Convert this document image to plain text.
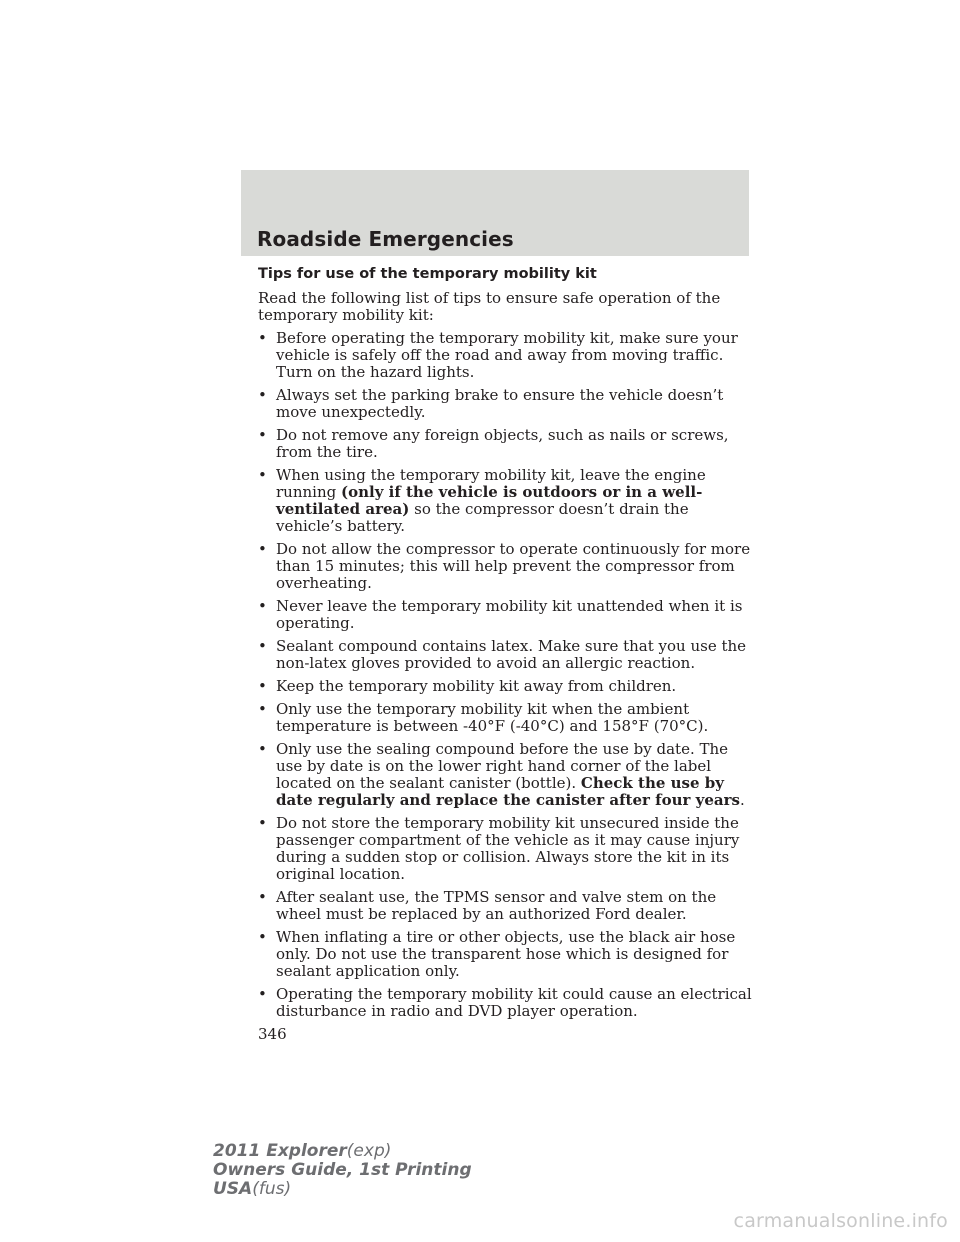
Roadside Emergencies
Tips for use of the temporary mobility kit

Read the following list of tips to ensure safe operation of the temporary mobility kit:

• Before operating the temporary mobility kit, make sure your vehicle is safely off the road and away from moving traffic. Turn on the hazard lights.
• Always set the parking brake to ensure the vehicle doesn’t move unexpectedly.
• Do not remove any foreign objects, such as nails or screws, from the tire.
• When using the temporary mobility kit, leave the engine running (only if the vehicle is outdoors or in a well-ventilated area) so the compressor doesn’t drain the vehicle’s battery.
• Do not allow the compressor to operate continuously for more than 15 minutes; this will help prevent the compressor from overheating.
• Never leave the temporary mobility kit unattended when it is operating.
• Sealant compound contains latex. Make sure that you use the non-latex gloves provided to avoid an allergic reaction.
• Keep the temporary mobility kit away from children.
• Only use the temporary mobility kit when the ambient temperature is between -40°F (-40°C) and 158°F (70°C).
• Only use the sealing compound before the use by date. The use by date is on the lower right hand corner of the label located on the sealant canister (bottle). Check the use by date regularly and replace the canister after four years.
• Do not store the temporary mobility kit unsecured inside the passenger compartment of the vehicle as it may cause injury during a sudden stop or collision. Always store the kit in its original location.
• After sealant use, the TPMS sensor and valve stem on the wheel must be replaced by an authorized Ford dealer.
• When inflating a tire or other objects, use the black air hose only. Do not use the transparent hose which is designed for sealant application only.
• Operating the temporary mobility kit could cause an electrical disturbance in radio and DVD player operation.
346
2011 Explorer(exp)
Owners Guide, 1st Printing
USA(fus)
carmanualsonline.info
